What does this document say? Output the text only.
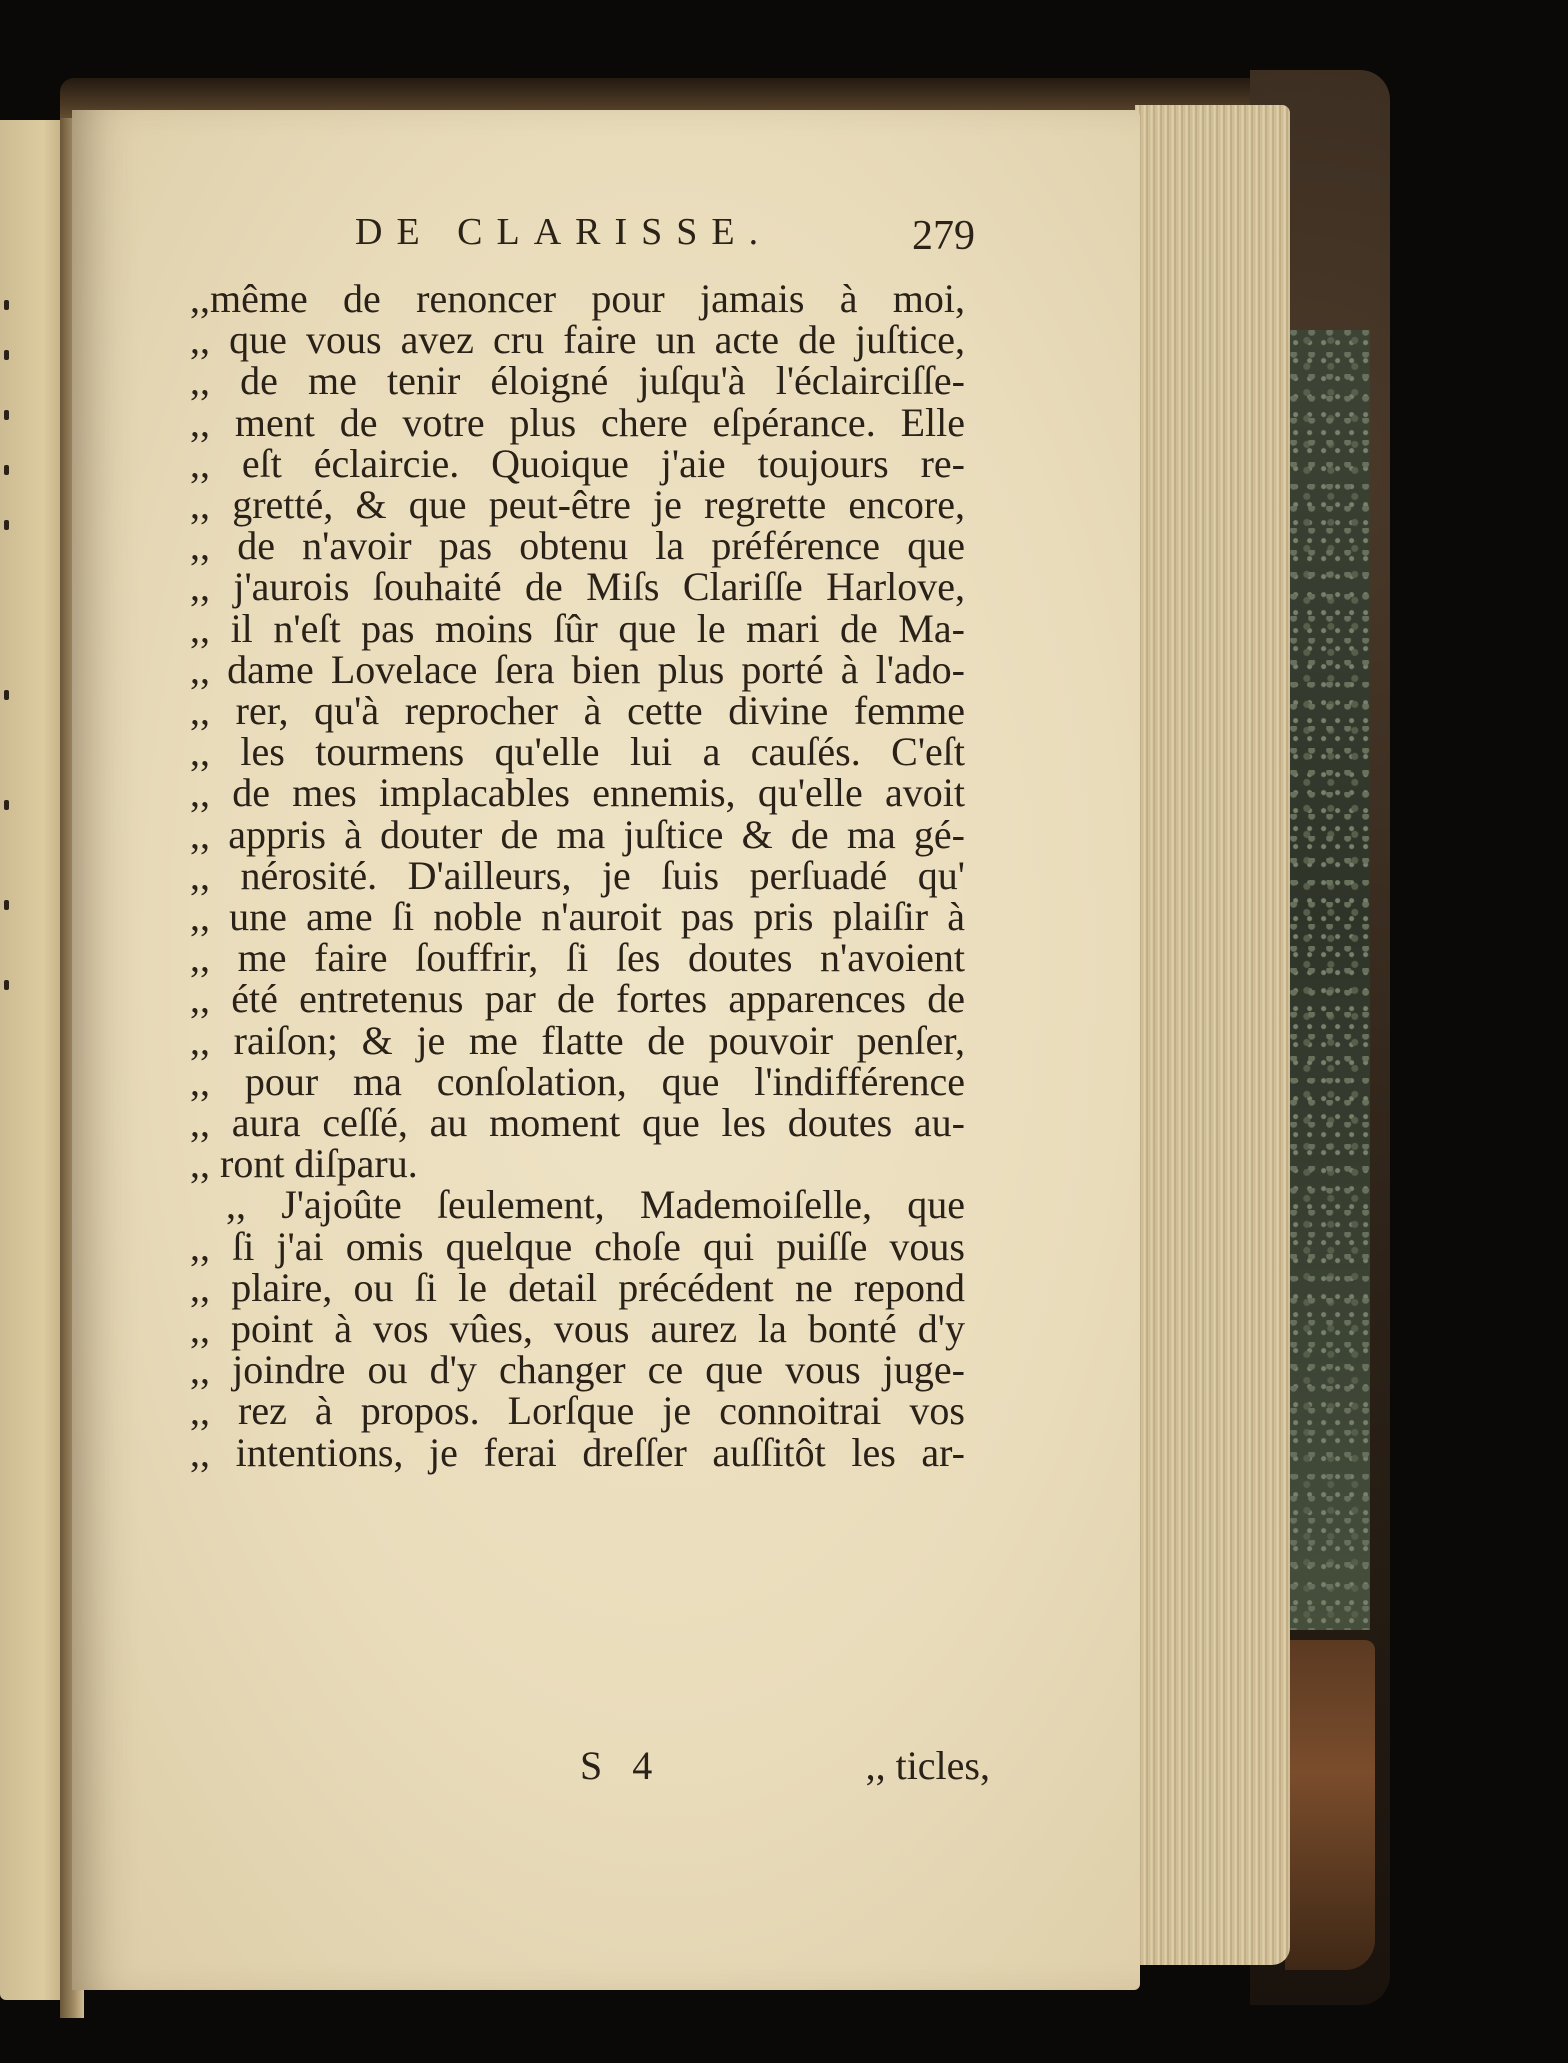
DE CLARISSE.	279
,,même de renoncer pour jamais à moi,
,, que vous avez cru faire un acte de juſtice,
,, de me tenir éloigné juſqu'à l'éclairciſſe-
,, ment de votre plus chere eſpérance. Elle
,, eſt éclaircie. Quoique j'aie toujours re-
,, gretté, & que peut-être je regrette encore,
,, de n'avoir pas obtenu la préférence que
,, j'aurois ſouhaité de Miſs Clariſſe Harlove,
,, il n'eſt pas moins ſûr que le mari de Ma-
,, dame Lovelace ſera bien plus porté à l'ado-
,, rer, qu'à reprocher à cette divine femme
,, les tourmens qu'elle lui a cauſés. C'eſt
,, de mes implacables ennemis, qu'elle avoit
,, appris à douter de ma juſtice & de ma gé-
,, nérosité. D'ailleurs, je ſuis perſuadé qu'
,, une ame ſi noble n'auroit pas pris plaiſir à
,, me faire ſouffrir, ſi ſes doutes n'avoient
,, été entretenus par de fortes apparences de
,, raiſon; & je me flatte de pouvoir penſer,
,, pour ma conſolation, que l'indifférence
,, aura ceſſé, au moment que les doutes au-
,, ront diſparu.
,, J'ajoûte ſeulement, Mademoiſelle, que
,, ſi j'ai omis quelque choſe qui puiſſe vous
,, plaire, ou ſi le detail précédent ne repond
,, point à vos vûes, vous aurez la bonté d'y
,, joindre ou d'y changer ce que vous juge-
,, rez à propos. Lorſque je connoitrai vos
,, intentions, je ferai dreſſer auſſitôt les ar-
S 4	,, ticles,
